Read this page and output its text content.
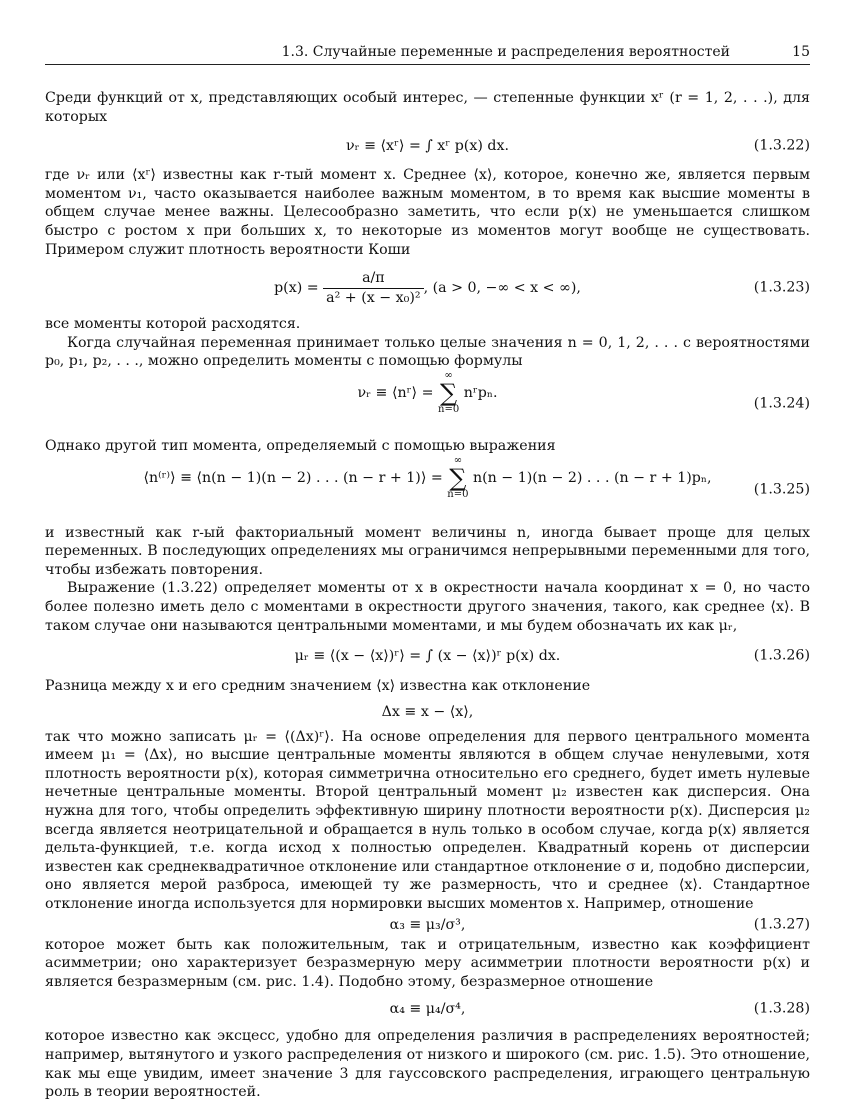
1.3. Случайные переменные и распределения вероятностей	15

Среди функций от x, представляющих особый интерес, — степенные функции xʳ (r = 1, 2, . . .), для которых

νᵣ ≡ ⟨xʳ⟩ = ∫ xʳ p(x) dx.	(1.3.22)

где νᵣ или ⟨xʳ⟩ известны как r-тый момент x. Среднее ⟨x⟩, которое, конечно же, является первым моментом ν₁, часто оказывается наиболее важным моментом, в то время как высшие моменты в общем случае менее важны. Целесообразно заметить, что если p(x) не уменьшается слишком быстро с ростом x при больших x, то некоторые из моментов могут вообще не существовать. Примером служит плотность вероятности Коши

$p(x) = \frac{a/\pi}{\text{a² + (x − x₀)²}}$ , (a > 0, −∞ < x < ∞),	(1.3.23)

все моменты которой расходятся.

Когда случайная переменная принимает только целые значения n = 0, 1, 2, . . . с вероятностями p₀, p₁, p₂, . . ., можно определить моменты с помощью формулы

νᵣ ≡ ⟨nʳ⟩ =
∞
∑
n=0
nʳpₙ.
(1.3.24)

Однако другой тип момента, определяемый с помощью выражения

⟨n⁽ʳ⁾⟩ ≡ ⟨n(n − 1)(n − 2) . . . (n − r + 1)⟩ =
∞
∑
n=0
n(n − 1)(n − 2) . . . (n − r + 1)pₙ,
(1.3.25)

и известный как r-ый факториальный момент величины n, иногда бывает проще для целых переменных. В последующих определениях мы ограничимся непрерывными переменными для того, чтобы избежать повторения.

Выражение (1.3.22) определяет моменты от x в окрестности начала координат x = 0, но часто более полезно иметь дело с моментами в окрестности другого значения, такого, как среднее ⟨x⟩. В таком случае они называются центральными моментами, и мы будем обозначать их как μᵣ,

μᵣ ≡ ⟨(x − ⟨x⟩)ʳ⟩ = ∫ (x − ⟨x⟩)ʳ p(x) dx.	(1.3.26)

Разница между x и его средним значением ⟨x⟩ известна как отклонение

Δx ≡ x − ⟨x⟩,

так что можно записать μᵣ = ⟨(Δx)ʳ⟩. На основе определения для первого центрального момента имеем μ₁ = ⟨Δx⟩, но высшие центральные моменты являются в общем случае ненулевыми, хотя плотность вероятности p(x), которая симметрична относительно его среднего, будет иметь нулевые нечетные центральные моменты. Второй центральный момент μ₂ известен как дисперсия. Она нужна для того, чтобы определить эффективную ширину плотности вероятности p(x). Дисперсия μ₂ всегда является неотрицательной и обращается в нуль только в особом случае, когда p(x) является дельта-функцией, т.е. когда исход x полностью определен. Квадратный корень от дисперсии известен как среднеквадратичное отклонение или стандартное отклонение σ и, подобно дисперсии, оно является мерой разброса, имеющей ту же размерность, что и среднее ⟨x⟩. Стандартное отклонение иногда используется для нормировки высших моментов x. Например, отношение

α₃ ≡ μ₃/σ³,	(1.3.27)

которое может быть как положительным, так и отрицательным, известно как коэффициент асимметрии; оно характеризует безразмерную меру асимметрии плотности вероятности p(x) и является безразмерным (см. рис. 1.4). Подобно этому, безразмерное отношение

α₄ ≡ μ₄/σ⁴,	(1.3.28)

которое известно как эксцесс, удобно для определения различия в распределениях вероятностей; например, вытянутого и узкого распределения от низкого и широкого (см. рис. 1.5). Это отношение, как мы еще увидим, имеет значение 3 для гауссовского распределения, играющего центральную роль в теории вероятностей.
